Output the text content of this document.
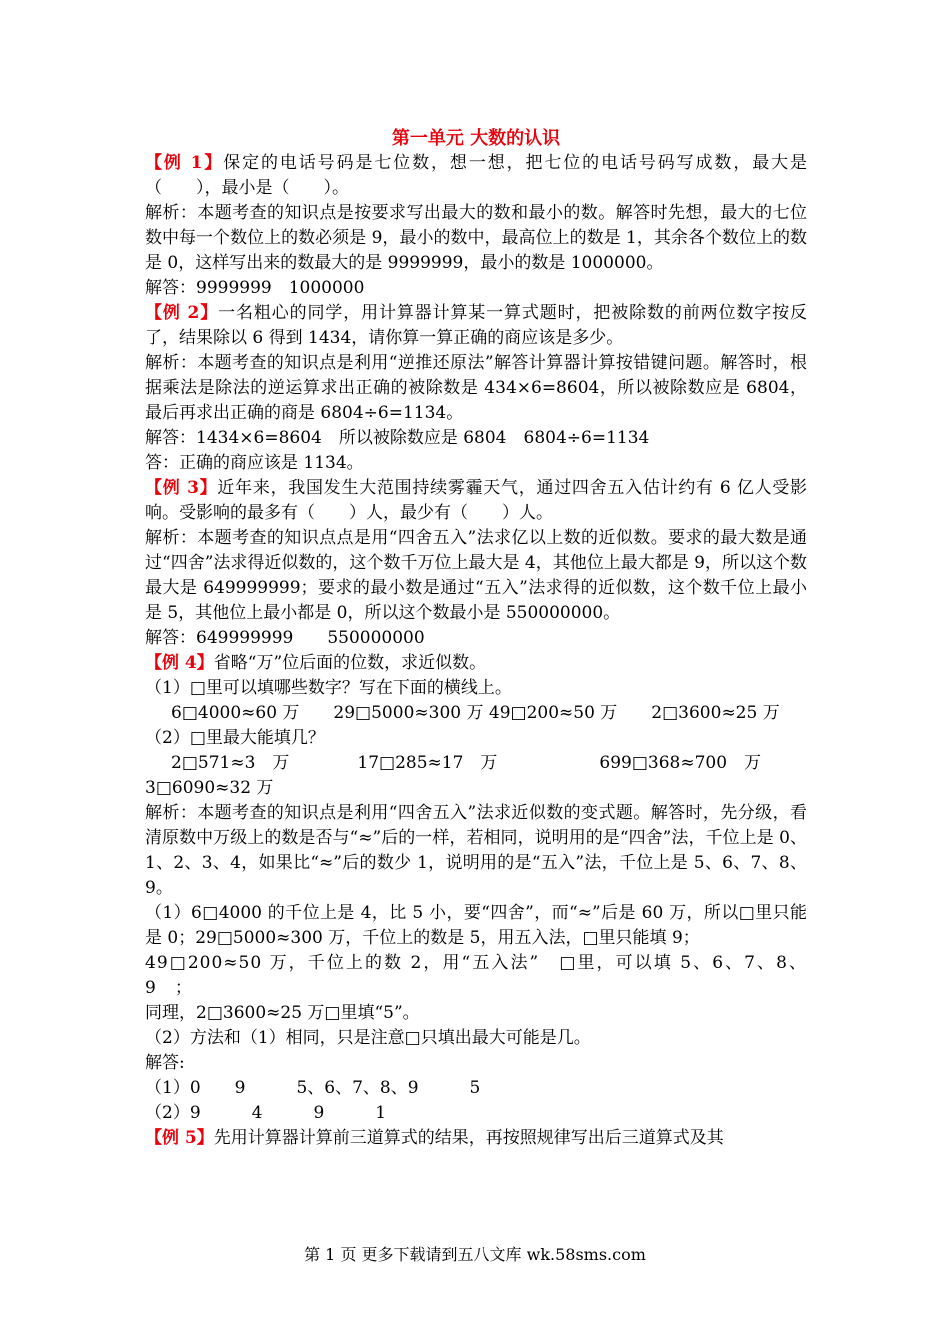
第一单元 大数的认识

【例 1】保定的电话号码是七位数，想一想，把七位的电话号码写成数，最大是（　　），最小是（　　）。

解析：本题考查的知识点是按要求写出最大的数和最小的数。解答时先想，最大的七位数中每一个数位上的数必须是 9，最小的数中，最高位上的数是 1，其余各个数位上的数是 0，这样写出来的数最大的是 9999999，最小的数是 1000000。

解答：9999999　1000000

【例 2】一名粗心的同学，用计算器计算某一算式题时，把被除数的前两位数字按反了，结果除以 6 得到 1434，请你算一算正确的商应该是多少。

解析：本题考查的知识点是利用“逆推还原法”解答计算器计算按错键问题。解答时，根据乘法是除法的逆运算求出正确的被除数是 434×6=8604，所以被除数应是 6804，最后再求出正确的商是 6804÷6=1134。

解答：1434×6=8604　所以被除数应是 6804　6804÷6=1134

答：正确的商应该是 1134。

【例 3】近年来，我国发生大范围持续雾霾天气，通过四舍五入估计约有 6 亿人受影响。受影响的最多有（　　）人，最少有（　　）人。

解析：本题考查的知识点点是用“四舍五入”法求亿以上数的近似数。要求的最大数是通过“四舍”法求得近似数的，这个数千万位上最大是 4，其他位上最大都是 9，所以这个数最大是 649999999；要求的最小数是通过“五入”法求得的近似数，这个数千位上最小是 5，其他位上最小都是 0，所以这个数最小是 550000000。

解答：649999999　　550000000

【例 4】省略“万”位后面的位数，求近似数。

（1）□里可以填哪些数字？写在下面的横线上。

6□4000≈60 万　　29□5000≈300 万 49□200≈50 万　　2□3600≈25 万

（2）□里最大能填几？

2□571≈3　万　　　　17□285≈17　万　　　　　　699□368≈700　万

3□6090≈32 万

解析：本题考查的知识点是利用“四舍五入”法求近似数的变式题。解答时，先分级，看清原数中万级上的数是否与“≈”后的一样，若相同，说明用的是“四舍”法，千位上是 0、1、2、3、4，如果比“≈”后的数少 1，说明用的是“五入”法，千位上是 5、6、7、8、9。

（1）6□4000 的千位上是 4，比 5 小，要“四舍”，而“≈”后是 60 万，所以□里只能是 0；29□5000≈300 万，千位上的数是 5，用五入法，□里只能填 9；

49□200≈50 万，千位上的数 2，用“五入法”　□里，可以填 5、6、7、8、9　；

同理，2□3600≈25 万□里填“5”。

（2）方法和（1）相同，只是注意□只填出最大可能是几。

解答:

（1）0　　9　　　5、6、7、8、9　　　5

（2）9　　　4　　　9　　　1

【例 5】先用计算器计算前三道算式的结果，再按照规律写出后三道算式及其

第 1 页 更多下载请到五八文库 wk.58sms.com
